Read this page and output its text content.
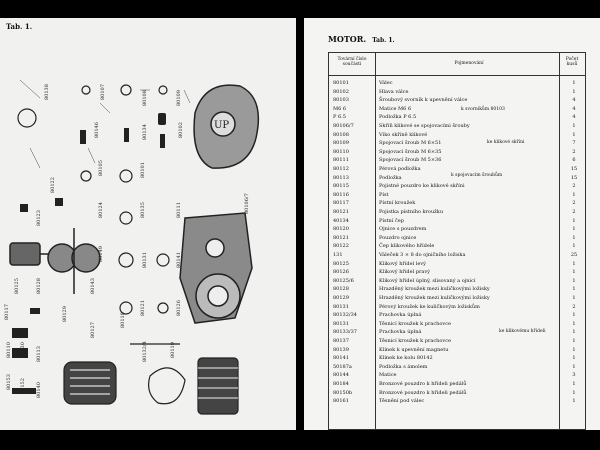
Tab. 1.
UP
80138	80107	80108	80109
80146	80134	80102
80105	80101
80122
80123
80124	80135	80111
80131	80141
80149
80125	80128	80143
80121	80126
80129
80127
80110 80130 80113	80132/4	80119
80153 80152 80140
80117
80118
80106/7
MOTOR. Tab. 1.
Tovární číslo součásti	Pojmenování
Počet kusů
80101	Válec	1
80102	Hlava válce	1
80103	Šroubový svorník k upevnění válce	4
M6 6	Matice M6 6	4
P 6.5	Podložka P 6.5	4
80106/7	Skříň klikové se spojovacími šrouby	1
80108	Víko skříně klikové	1
80109	Spojovací šroub M 6×51	7
80110	Spojovací šroub M 6×35	2
80111	Spojovací šroub M 5×36	6
80112	Pérová podložka	15
80113	Podložka	15
80115	Pojistné pouzdro ke klikové skříni	2
80116	Píst	1
80117	Pístní kroužek	2
80121	Pojistka pístního kroužku	2
40134	Pístní čep	1
80120	Ojnice s pouzdrem	1
80121	Pouzdro ojnice	1
80122	Čep klikového hřídele	1
131	Váleček 3 × 8 do ojničního ložiska	25
80125	Klikový hřídel levý	1
80126	Klikový hřídel pravý	1
80125/6	Klikový hřídel úplný, slisovaný a ojnicí	1
80128	Hrazděný kroužek mezi kuličkovými ložisky	1
80129	Hrazděný kroužek mezi kuličkovými ložisky	1
80131	Pérový kroužek ke kuličkovým ložiskům	2
80132/34	Prachovka úplná	1
80131	Těsnicí kroužek k prachovce	1
80133/37	Prachovka úplná	1
80137	Těsnicí kroužek k prachovce	1
80139	Klínek k upevnění magnetu	1
80141	Klínek ke kolu 80142	1
50187a	Podložka s ámolem	1
80144	Matice	3
80184	Bronzové pouzdro k hřídeli pedálů	1
80150b	Bronzové pouzdro k hřídeli pedálů	1
80161	Těsnění pod válec	1
k svorníkům 80103
ke klikové skříni
k spojovacím šroubům
ke klikovému hřídeli
